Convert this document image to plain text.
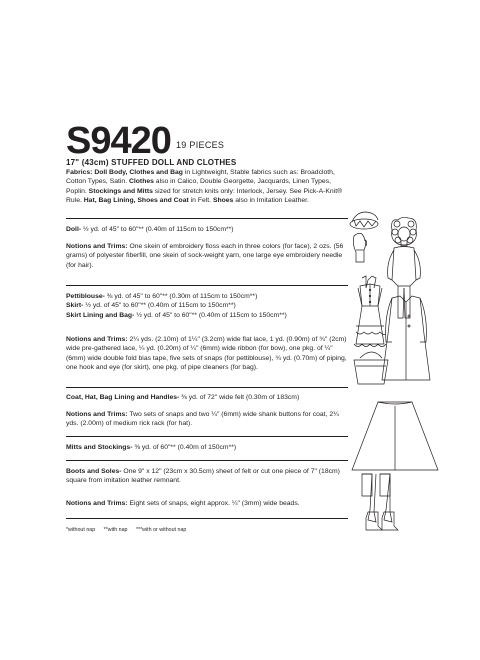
S9420 19 PIECES
17" (43cm) STUFFED DOLL AND CLOTHES
Fabrics: Doll Body, Clothes and Bag in Lightweight, Stable fabrics such as: Broadcloth, Cotton Types, Satin. Clothes also in Calico, Double Georgette, Jacquards, Linen Types, Poplin. Stockings and Mitts sized for stretch knits only: Interlock, Jersey. See Pick-A-Knit® Rule. Hat, Bag Lining, Shoes and Coat in Felt. Shoes also in Imitation Leather.
Doll- ½ yd. of 45" to 60"** (0.40m of 115cm to 150cm**)
Notions and Trims: One skein of embroidery floss each in three colors (for face), 2 ozs. (56 grams) of polyester fiberfill, one skein of sock-weight yarn, one large eye embroidery needle (for hair).
Pettiblouse- ⅜ yd. of 45" to 60"** (0.30m of 115cm to 150cm**)
Skirt- ½ yd. of 45" to 60"** (0.40m of 115cm to 150cm**)
Skirt Lining and Bag- ½ yd. of 45" to 60"** (0.40m of 115cm to 150cm**)
Notions and Trims: 2¼ yds. (2.10m) of 1¼" (3.2cm) wide flat lace, 1 yd. (0.90m) of ¾" (2cm) wide pre-gathered lace, ¼ yd. (0.20m) of ¼" (6mm) wide ribbon (for bow), one pkg. of ¼" (6mm) wide double fold bias tape, five sets of snaps (for pettiblouse), ¾ yd. (0.70m) of piping, one hook and eye (for skirt), one pkg. of pipe cleaners (for bag).
Coat, Hat, Bag Lining and Handles- ⅜ yd. of 72" wide felt (0.30m of 183cm)
Notions and Trims: Two sets of snaps and two ¼" (6mm) wide shank buttons for coat, 2¼ yds. (2.00m) of medium rick rack (for hat).
Mitts and Stockings- ⅜ yd. of 60"** (0.40m of 150cm**)
Boots and Soles- One 9" x 12" (23cm x 30.5cm) sheet of felt or cut one piece of 7" (18cm) square from imitation leather remnant.
Notions and Trims: Eight sets of snaps, eight approx. ¼" (3mm) wide beads.
*without nap **with nap ***with or without nap
